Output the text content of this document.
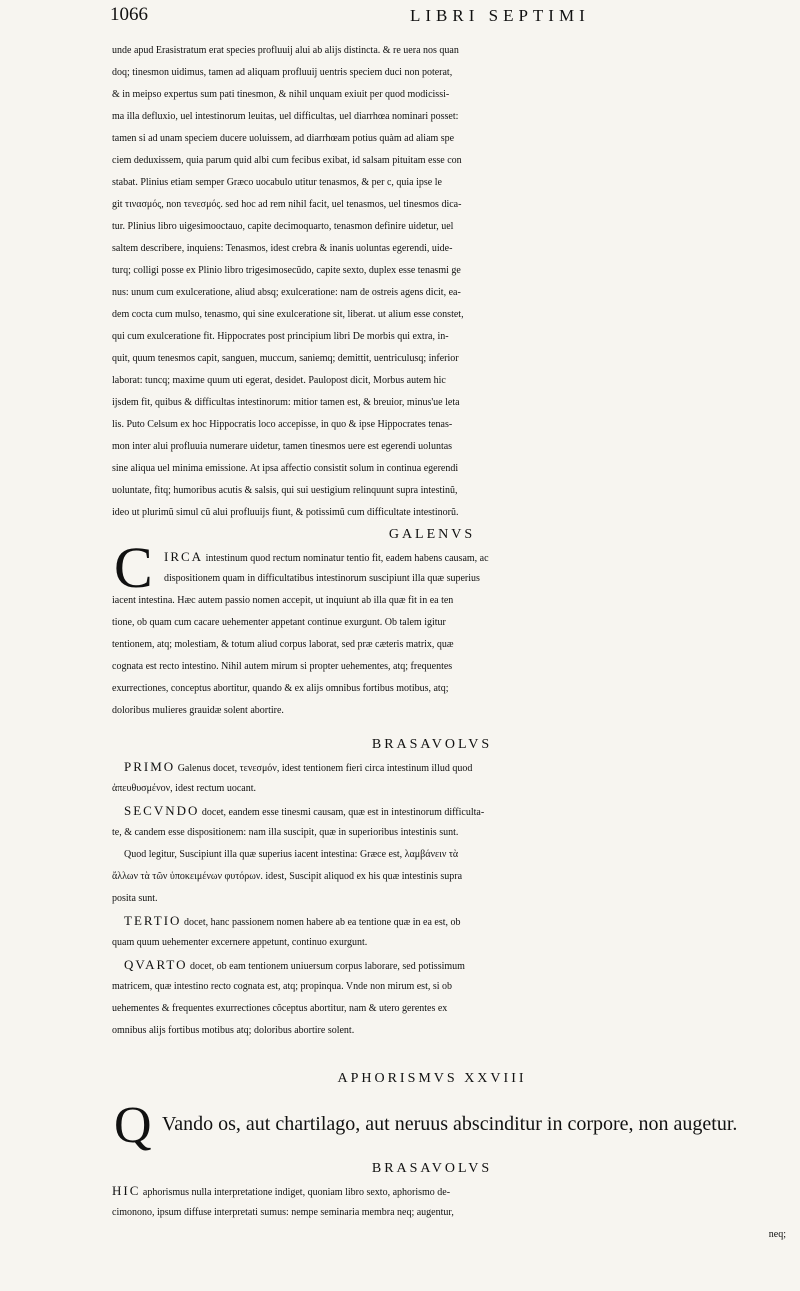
1066	LIBRI SEPTIMI
unde apud Erasistratum erat species profluuij alui ab alijs distincta. & re uera nos quan
doq; tinesmon uidimus, tamen ad aliquam profluuij uentris speciem duci non poterat,
& in meipso expertus sum pati tinesmon, & nihil unquam exiuit per quod modicissi-
ma illa defluxio, uel intestinorum leuitas, uel difficultas, uel diarrhœa nominari posset:
tamen si ad unam speciem ducere uoluissem, ad diarrhœam potius quàm ad aliam spe
ciem deduxissem, quia parum quid albi cum fecibus exibat, id salsam pituitam esse con
stabat. Plinius etiam semper Græco uocabulo utitur tenasmos, & per c, quia ipse le
git τινασμός, non τενεσμός. sed hoc ad rem nihil facit, uel tenasmos, uel tinesmos dica-
tur. Plinius libro uigesimooctauo, capite decimoquarto, tenasmon definire uidetur, uel
saltem describere, inquiens: Tenasmos, idest crebra & inanis uoluntas egerendi, uide-
turq; colligi posse ex Plinio libro trigesimosecũdo, capite sexto, duplex esse tenasmi ge
nus: unum cum exulceratione, aliud absq; exulceratione: nam de ostreis agens dicit, ea-
dem cocta cum mulso, tenasmo, qui sine exulceratione sit, liberat. ut alium esse constet,
qui cum exulceratione fit. Hippocrates post principium libri De morbis qui extra, in-
quit, quum tenesmos capit, sanguen, muccum, saniemq; demittit, uentriculusq; inferior
laborat: tuncq; maxime quum uti egerat, desidet. Paulopost dicit, Morbus autem hic
ijsdem fit, quibus & difficultas intestinorum: mitior tamen est, & breuior, minus'ue leta
lis. Puto Celsum ex hoc Hippocratis loco accepisse, in quo & ipse Hippocrates tenas-
mon inter alui profluuia numerare uidetur, tamen tinesmos uere est egerendi uoluntas
sine aliqua uel minima emissione. At ipsa affectio consistit solum in continua egerendi
uoluntate, fitq; humoribus acutis & salsis, qui sui uestigium relinquunt supra intestinũ,
ideo ut plurimũ simul cũ alui profluuijs fiunt, & potissimũ cum difficultate intestinorũ.
GALENVS
C IRCA intestinum quod rectum nominatur tentio fit, eadem habens causam, ac
dispositionem quam in difficultatibus intestinorum suscipiunt illa quæ superius
iacent intestina. Hæc autem passio nomen accepit, ut inquiunt ab illa quæ fit in ea ten
tione, ob quam cum cacare uehementer appetant continue exurgunt. Ob talem igitur
tentionem, atq; molestiam, & totum aliud corpus laborat, sed præ cæteris matrix, quæ
cognata est recto intestino. Nihil autem mirum si propter uehementes, atq; frequentes
exurrectiones, conceptus abortitur, quando & ex alijs omnibus fortibus motibus, atq;
doloribus mulieres grauidæ solent abortire.
BRASAVOLVS
PRIMO Galenus docet, τενεσμόν, idest tentionem fieri circa intestinum illud quod
ἀπευθυσμένον, idest rectum uocant.
SECVNDO docet, eandem esse tinesmi causam, quæ est in intestinorum difficulta-
te, & candem esse dispositionem: nam illa suscipit, quæ in superioribus intestinis sunt.
Quod legitur, Suscipiunt illa quæ superius iacent intestina: Græce est, λαμβάνειν τὰ
ἄλλων τὰ τῶν ὑποκειμένων φυτόρων. idest, Suscipit aliquod ex his quæ intestinis supra
posita sunt.
TERTIO docet, hanc passionem nomen habere ab ea tentione quæ in ea est, ob
quam quum uehementer excernere appetunt, continuo exurgunt.
QVARTO docet, ob eam tentionem uniuersum corpus laborare, sed potissimum
matricem, quæ intestino recto cognata est, atq; propinqua. Vnde non mirum est, si ob
uehementes & frequentes exurrectiones cõceptus abortitur, nam & utero gerentes ex
omnibus alijs fortibus motibus atq; doloribus abortire solent.
APHORISMVS XXVIII
Q Vando os, aut chartilago, aut neruus abscinditur in corpore, non augetur.
BRASAVOLVS
HIC aphorismus nulla interpretatione indiget, quoniam libro sexto, aphorismo de-
cimonono, ipsum diffuse interpretati sumus: nempe seminaria membra neq; augentur,
neq;
